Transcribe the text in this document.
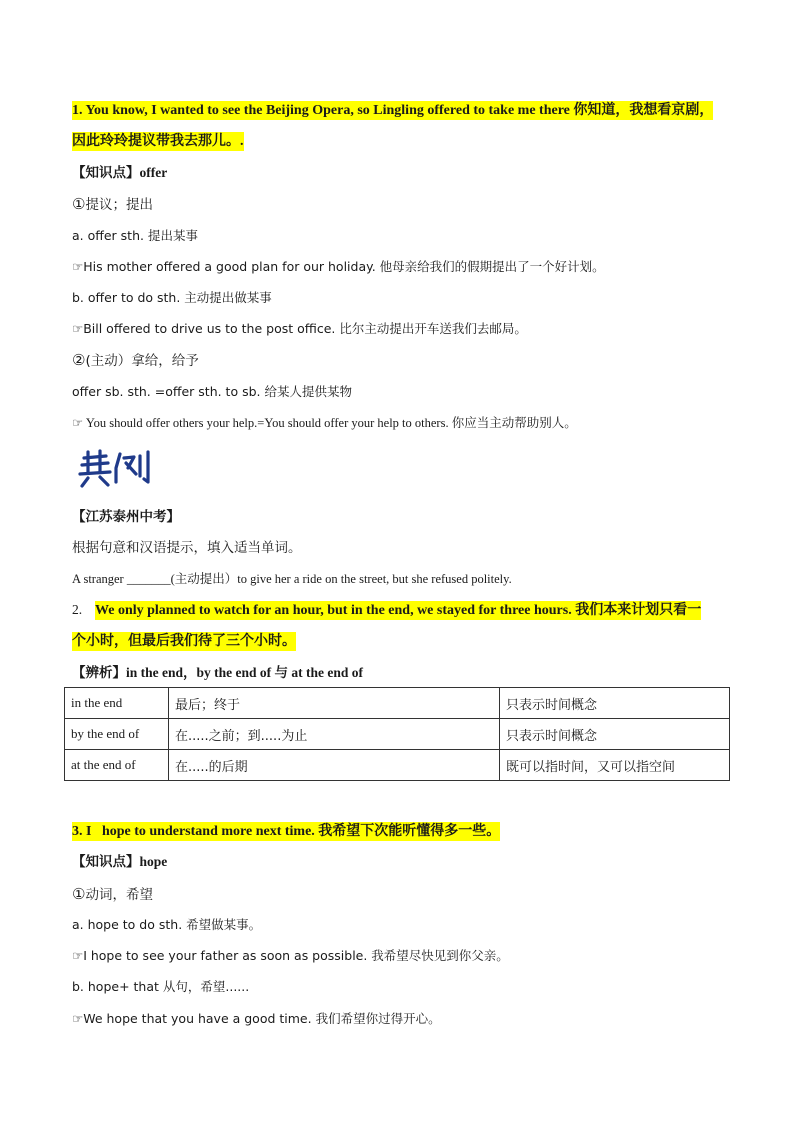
1. You know, I wanted to see the Beijing Opera, so Lingling offered to take me there 你知道，我想看京剧，
因此玲玲提议带我去那儿。.
【知识点】offer
①提议；提出
a. offer sth. 提出某事
☞His mother offered a good plan for our holiday. 他母亲给我们的假期提出了一个好计划。
b. offer to do sth. 主动提出做某事
☞Bill offered to drive us to the post office. 比尔主动提出开车送我们去邮局。
②(主动）拿给，给予
offer sb. sth. =offer sth. to sb. 给某人提供某物
☞ You should offer others your help.=You should offer your help to others. 你应当主动帮助别人。
【江苏泰州中考】
根据句意和汉语提示，填入适当单词。
A stranger _______(主动提出）to give her a ride on the street, but she refused politely.
2. We only planned to watch for an hour, but in the end, we stayed for three hours. 我们本来计划只看一
个小时，但最后我们待了三个小时。
【辨析】in the end，by the end of 与 at the end of
in the end	最后；终于	只表示时间概念
by the end of	在.....之前；到.....为止	只表示时间概念
at the end of	在.....的后期	既可以指时间，又可以指空间
3. I   hope to understand more next time. 我希望下次能听懂得多一些。
【知识点】hope
①动词，希望
a. hope to do sth. 希望做某事。
☞I hope to see your father as soon as possible. 我希望尽快见到你父亲。
b. hope+ that 从句，希望......
☞We hope that you have a good time. 我们希望你过得开心。
